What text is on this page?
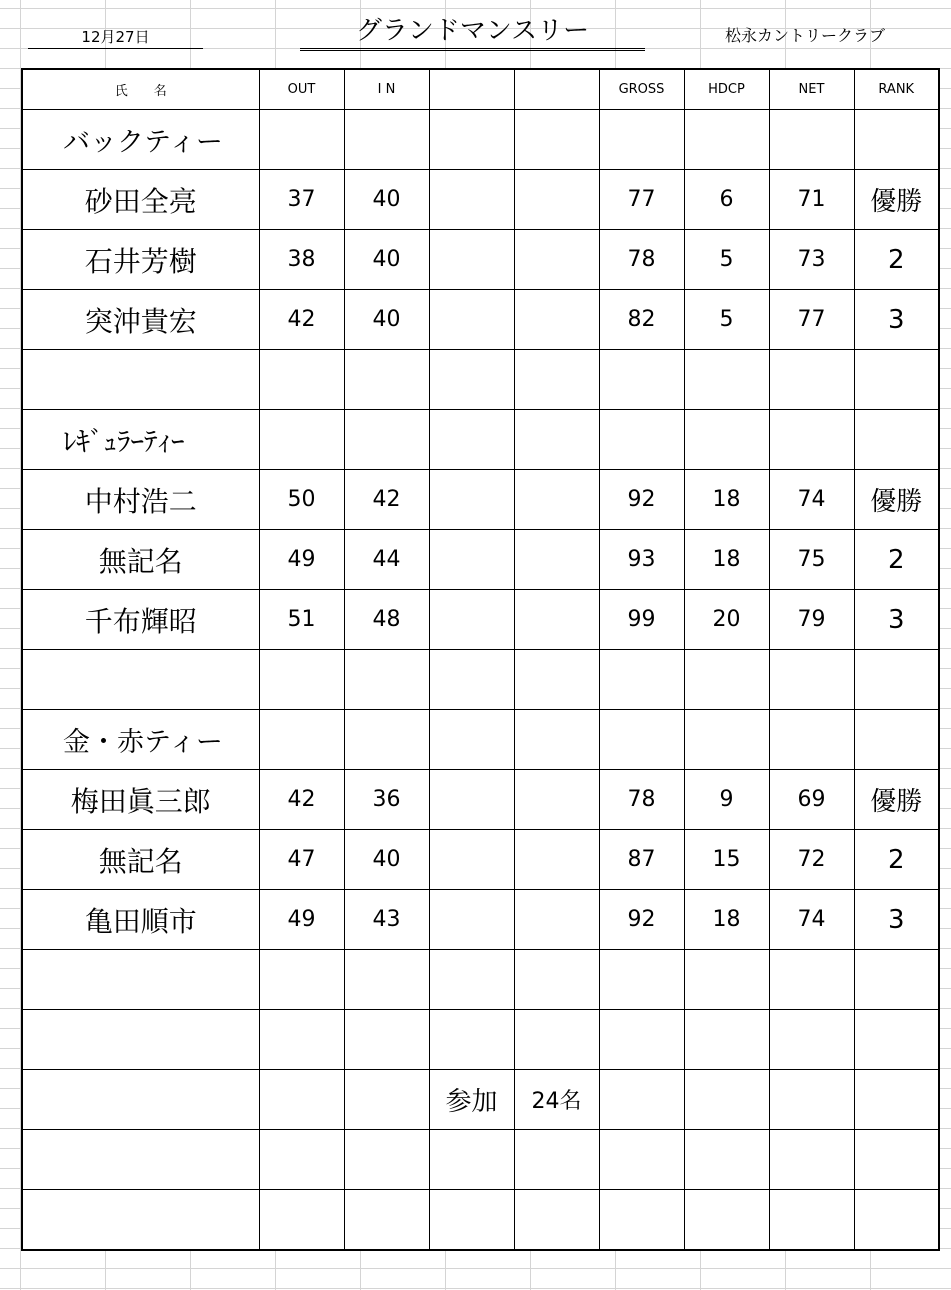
12月27日	グランドマンスリー	松永カントリークラブ
氏　　名	OUT	I N			GROSS	HDCP	NET	RANK
バックティー								
砂田全亮	37	40			77	6	71	優勝
石井芳樹	38	40			78	5	73	2
突沖貴宏	42	40			82	5	77	3

ﾚｷﾞｭﾗｰﾃｨｰ								
中村浩二	50	42			92	18	74	優勝
無記名	49	44			93	18	75	2
千布輝昭	51	48			99	20	79	3

金・赤ティー								
梅田眞三郎	42	36			78	9	69	優勝
無記名	47	40			87	15	72	2
亀田順市	49	43			92	18	74	3

			参加	24名				
